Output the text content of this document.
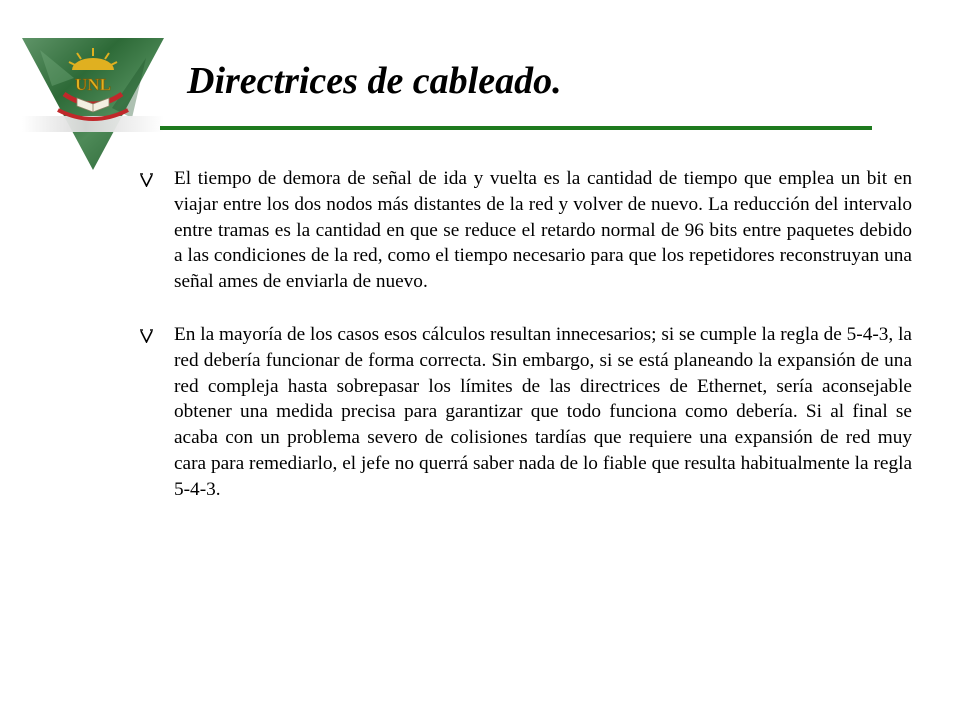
UNL Directrices de cableado.
El tiempo de demora de señal de ida y vuelta es la cantidad de tiempo que emplea un bit en viajar entre los dos nodos más distantes de la red y volver de nuevo. La reducción del intervalo entre tramas es la cantidad en que se reduce el retardo normal de 96 bits entre paquetes debido a las condiciones de la red, como el tiempo necesario para que los repetidores reconstruyan una señal ames de enviarla de nuevo.
En la mayoría de los casos esos cálculos resultan innecesarios; si se cumple la regla de 5-4-3, la red debería funcionar de forma correcta. Sin embargo, si se está planeando la expansión de una red compleja hasta sobrepasar los límites de las directrices de Ethernet, sería aconsejable obtener una medida precisa para garantizar que todo funciona como debería. Si al final se acaba con un problema severo de colisiones tardías que requiere una expansión de red muy cara para remediarlo, el jefe no querrá saber nada de lo fiable que resulta habitualmente la regla 5-4-3.
